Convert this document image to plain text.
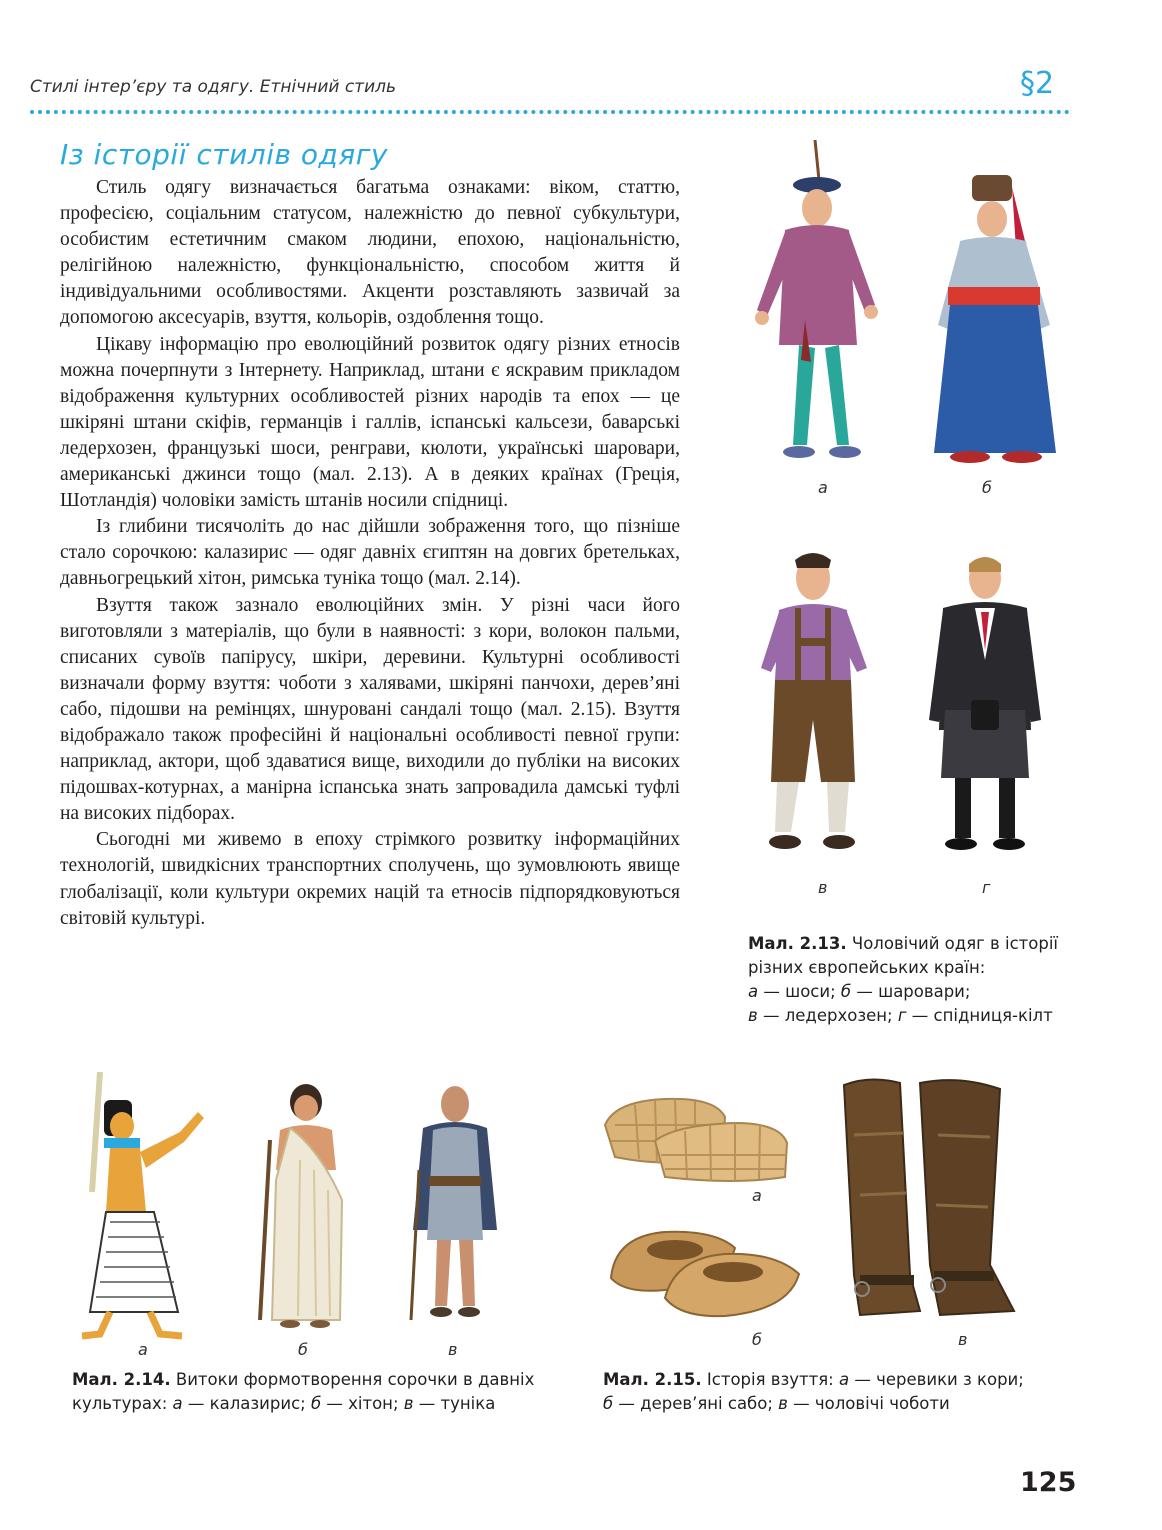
Стилі інтер’єру та одягу. Етнічний стиль	§2
Із історії стилів одягу

Стиль одягу визначається багатьма ознаками: віком, статтю, професією, соціальним статусом, належністю до певної субкультури, особистим естетичним смаком людини, епохою, національністю, релігійною належністю, функціональністю, способом життя й індивідуальними особливостями. Акценти розставляють зазвичай за допомогою аксесуарів, взуття, кольорів, оздоблення тощо.

Цікаву інформацію про еволюційний розвиток одягу різних етносів можна почерпнути з Інтернету. Наприклад, штани є яскравим прикладом відображення культурних особливостей різних народів та епох — це шкіряні штани скіфів, германців і галлів, іспанські кальсези, баварські ледерхозен, французькі шоси, ренграви, кюлоти, українські шаровари, американські джинси тощо (мал. 2.13). А в деяких країнах (Греція, Шотландія) чоловіки замість штанів носили спідниці.

Із глибини тисячоліть до нас дійшли зображення того, що пізніше стало сорочкою: калазирис — одяг давніх єгиптян на довгих бретельках, давньогрецький хітон, римська туніка тощо (мал. 2.14).

Взуття також зазнало еволюційних змін. У різні часи його виготовляли з матеріалів, що були в наявності: з кори, волокон пальми, списаних сувоїв папірусу, шкіри, деревини. Культурні особливості визначали форму взуття: чоботи з халявами, шкіряні панчохи, дерев’яні сабо, підошви на ремінцях, шнуровані сандалі тощо (мал. 2.15). Взуття відображало також професійні й національні особливості певної групи: наприклад, актори, щоб здаватися вище, виходили до публіки на високих підошвах-котурнах, а манірна іспанська знать запровадила дамські туфлі на високих підборах.

Сьогодні ми живемо в епоху стрімкого розвитку інформаційних технологій, швидкісних транспортних сполучень, що зумовлюють явище глобалізації, коли культури окремих націй та етносів підпорядковуються світовій культурі.

а	б
в	г
Мал. 2.13. Чоловічий одяг в історії
різних європейських країн:
а — шоси; б — шаровари;
в — ледерхозен; г — спідниця-кілт
а	б	в
Мал. 2.14. Витоки формотворення сорочки в давніх
культурах: а — калазирис; б — хітон; в — туніка
а
б	в
Мал. 2.15. Історія взуття: а — черевики з кори;
б — дерев’яні сабо; в — чоловічі чоботи
125
